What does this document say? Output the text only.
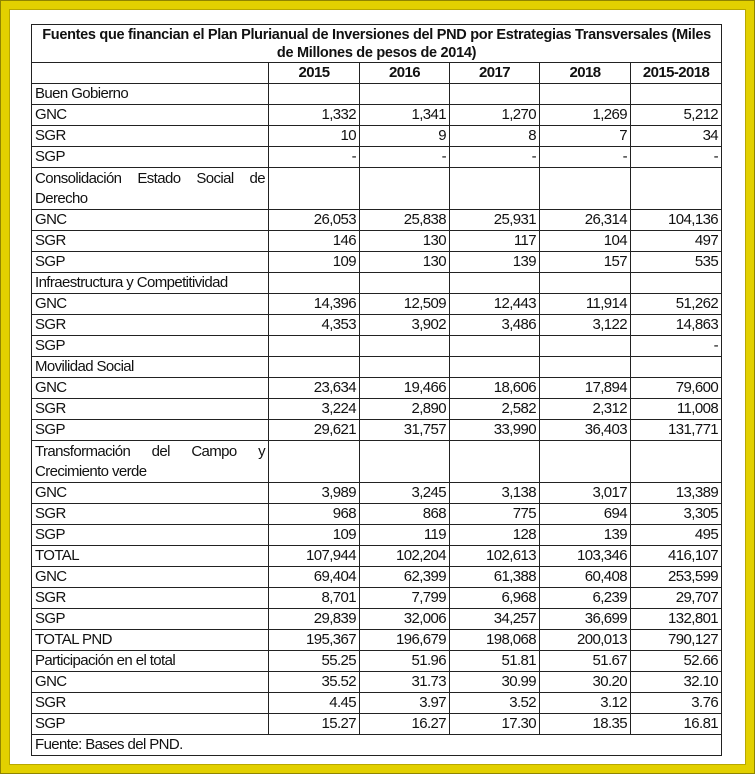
Fuentes que financian el Plan Plurianual de Inversiones del PND por Estrategias Transversales (Miles de Millones de pesos de 2014)					
	2015	2016	2017	2018	2015-2018
Buen Gobierno					
GNC	1,332	1,341	1,270	1,269	5,212
SGR	10	9	8	7	34
SGP	-	-	-	-	-
Consolidación Estado Social de Derecho					
GNC	26,053	25,838	25,931	26,314	104,136
SGR	146	130	117	104	497
SGP	109	130	139	157	535
Infraestructura y Competitividad					
GNC	14,396	12,509	12,443	11,914	51,262
SGR	4,353	3,902	3,486	3,122	14,863
SGP					-
Movilidad Social					
GNC	23,634	19,466	18,606	17,894	79,600
SGR	3,224	2,890	2,582	2,312	11,008
SGP	29,621	31,757	33,990	36,403	131,771
Transformación del Campo y Crecimiento verde					
GNC	3,989	3,245	3,138	3,017	13,389
SGR	968	868	775	694	3,305
SGP	109	119	128	139	495
TOTAL	107,944	102,204	102,613	103,346	416,107
GNC	69,404	62,399	61,388	60,408	253,599
SGR	8,701	7,799	6,968	6,239	29,707
SGP	29,839	32,006	34,257	36,699	132,801
TOTAL PND	195,367	196,679	198,068	200,013	790,127
Participación en el total	55.25	51.96	51.81	51.67	52.66
GNC	35.52	31.73	30.99	30.20	32.10
SGR	4.45	3.97	3.52	3.12	3.76
SGP	15.27	16.27	17.30	18.35	16.81
Fuente: Bases del PND.					
